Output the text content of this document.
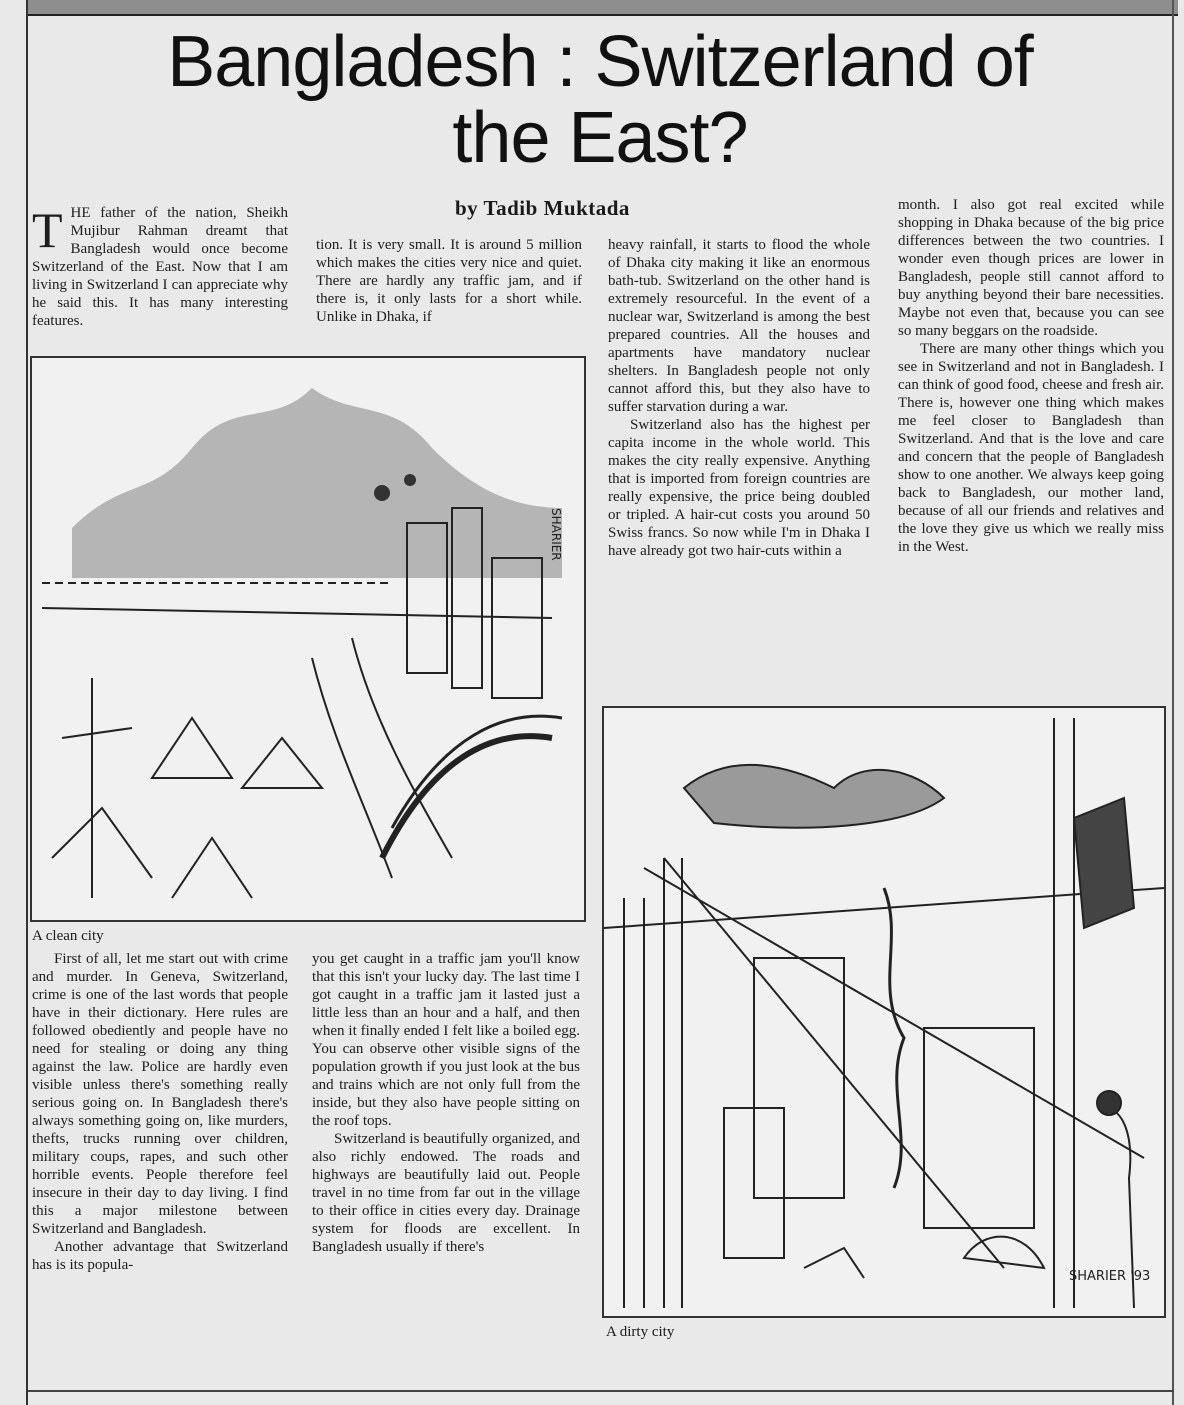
Bangladesh : Switzerland of
the East?
by Tadib Muktada

THE father of the nation, Sheikh Mujibur Rahman dreamt that Bangladesh would once become Switzerland of the East. Now that I am living in Switzerland I can appreciate why he said this. It has many interesting features.

tion. It is very small. It is around 5 million which makes the cities very nice and quiet. There are hardly any traffic jam, and if there is, it only lasts for a short while. Unlike in Dhaka, if

SHARIER
A clean city

First of all, let me start out with crime and murder. In Geneva, Switzerland, crime is one of the last words that people have in their dictionary. Here rules are followed obediently and people have no need for stealing or doing any thing against the law. Police are hardly even visible unless there's something really serious going on. In Bangladesh there's always something going on, like murders, thefts, trucks running over children, military coups, rapes, and such other horrible events. People therefore feel insecure in their day to day living. I find this a major milestone between Switzerland and Bangladesh.

Another advantage that Switzerland has is its popula-

you get caught in a traffic jam you'll know that this isn't your lucky day. The last time I got caught in a traffic jam it lasted just a little less than an hour and a half, and then when it finally ended I felt like a boiled egg. You can observe other visible signs of the population growth if you just look at the bus and trains which are not only full from the inside, but they also have people sitting on the roof tops.

Switzerland is beautifully organized, and also richly endowed. The roads and highways are beautifully laid out. People travel in no time from far out in the village to their office in cities every day. Drainage system for floods are excellent. In Bangladesh usually if there's

heavy rainfall, it starts to flood the whole of Dhaka city making it like an enormous bath-tub. Switzerland on the other hand is extremely resourceful. In the event of a nuclear war, Switzerland is among the best prepared countries. All the houses and apartments have mandatory nuclear shelters. In Bangladesh people not only cannot afford this, but they also have to suffer starvation during a war.

Switzerland also has the highest per capita income in the whole world. This makes the city really expensive. Anything that is imported from foreign countries are really expensive, the price being doubled or tripled. A hair-cut costs you around 50 Swiss francs. So now while I'm in Dhaka I have already got two hair-cuts within a

month. I also got real excited while shopping in Dhaka because of the big price differences between the two countries. I wonder even though prices are lower in Bangladesh, people still cannot afford to buy anything beyond their bare necessities. Maybe not even that, because you can see so many beggars on the roadside.

There are many other things which you see in Switzerland and not in Bangladesh. I can think of good food, cheese and fresh air. There is, however one thing which makes me feel closer to Bangladesh than Switzerland. And that is the love and care and concern that the people of Bangladesh show to one another. We always keep going back to Bangladesh, our mother land, because of all our friends and relatives and the love they give us which we really miss in the West.

SHARIER '93
A dirty city
